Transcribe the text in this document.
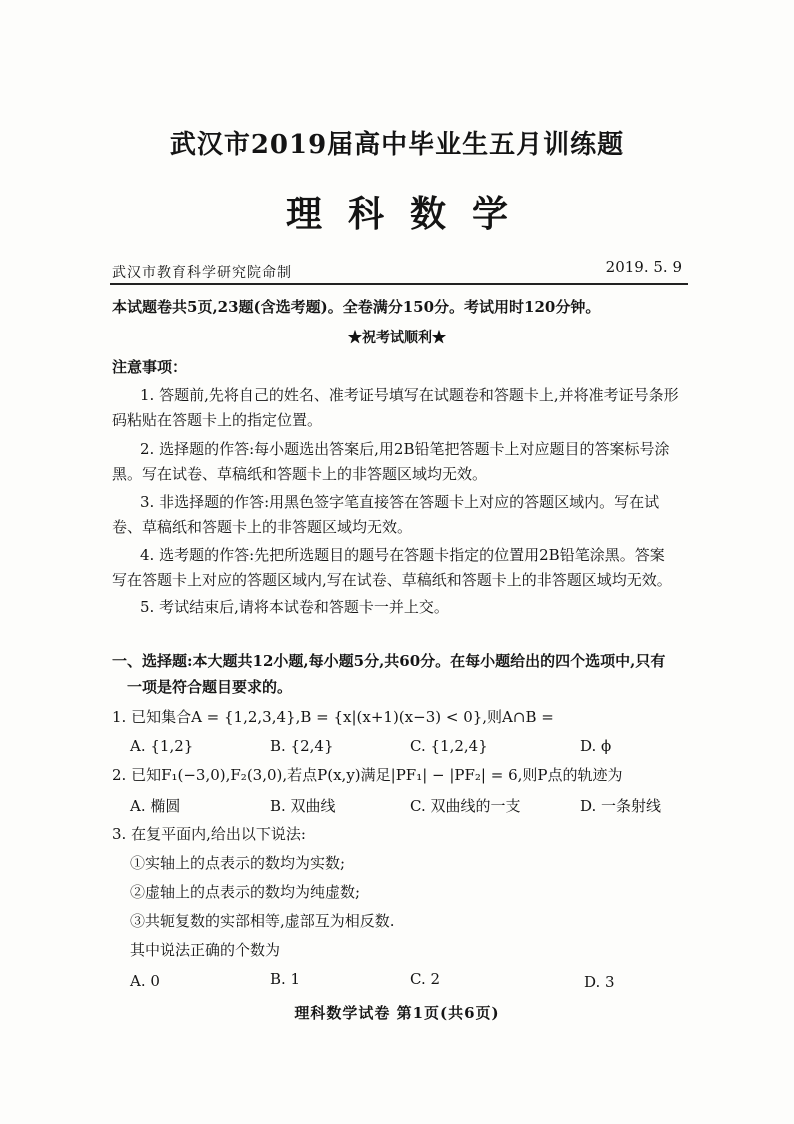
武汉市2019届高中毕业生五月训练题
理科数学
武汉市教育科学研究院命制	2019. 5. 9
本试题卷共5页,23题(含选考题)。全卷满分150分。考试用时120分钟。
★祝考试顺利★
注意事项：
1. 答题前,先将自己的姓名、准考证号填写在试题卷和答题卡上,并将准考证号条形
码粘贴在答题卡上的指定位置。
2. 选择题的作答:每小题选出答案后,用2B铅笔把答题卡上对应题目的答案标号涂
黑。写在试卷、草稿纸和答题卡上的非答题区域均无效。
3. 非选择题的作答:用黑色签字笔直接答在答题卡上对应的答题区域内。写在试
卷、草稿纸和答题卡上的非答题区域均无效。
4. 选考题的作答:先把所选题目的题号在答题卡指定的位置用2B铅笔涂黑。答案
写在答题卡上对应的答题区域内,写在试卷、草稿纸和答题卡上的非答题区域均无效。
5. 考试结束后,请将本试卷和答题卡一并上交。
一、选择题:本大题共12小题,每小题5分,共60分。在每小题给出的四个选项中,只有
一项是符合题目要求的。
1. 已知集合A = {1,2,3,4},B = {x|(x+1)(x−3) < 0},则A∩B =
A. {1,2}	B. {2,4}	C. {1,2,4}	D. ϕ
2. 已知F₁(−3,0),F₂(3,0),若点P(x,y)满足|PF₁| − |PF₂| = 6,则P点的轨迹为
A. 椭圆	B. 双曲线	C. 双曲线的一支	D. 一条射线
3. 在复平面内,给出以下说法:
①实轴上的点表示的数均为实数;
②虚轴上的点表示的数均为纯虚数;
③共轭复数的实部相等,虚部互为相反数.
其中说法正确的个数为
A. 0	B. 1	C. 2	D. 3
理科数学试卷 第1页(共6页)
